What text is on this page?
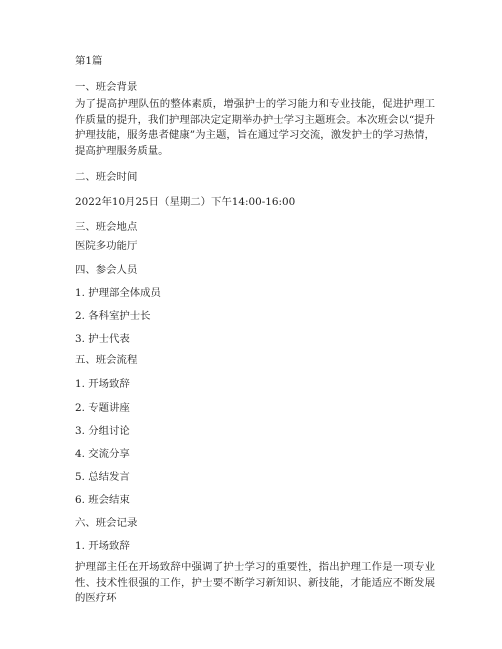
第1篇

一、班会背景

为了提高护理队伍的整体素质，增强护士的学习能力和专业技能，促进护理工作质量的提升，我们护理部决定定期举办护士学习主题班会。本次班会以“提升护理技能，服务患者健康”为主题，旨在通过学习交流，激发护士的学习热情，提高护理服务质量。

二、班会时间

2022年10月25日（星期二）下午14:00-16:00

三、班会地点

医院多功能厅

四、参会人员

1. 护理部全体成员

2. 各科室护士长

3. 护士代表

五、班会流程

1. 开场致辞

2. 专题讲座

3. 分组讨论

4. 交流分享

5. 总结发言

6. 班会结束

六、班会记录

1. 开场致辞

护理部主任在开场致辞中强调了护士学习的重要性，指出护理工作是一项专业性、技术性很强的工作，护士要不断学习新知识、新技能，才能适应不断发展的医疗环
